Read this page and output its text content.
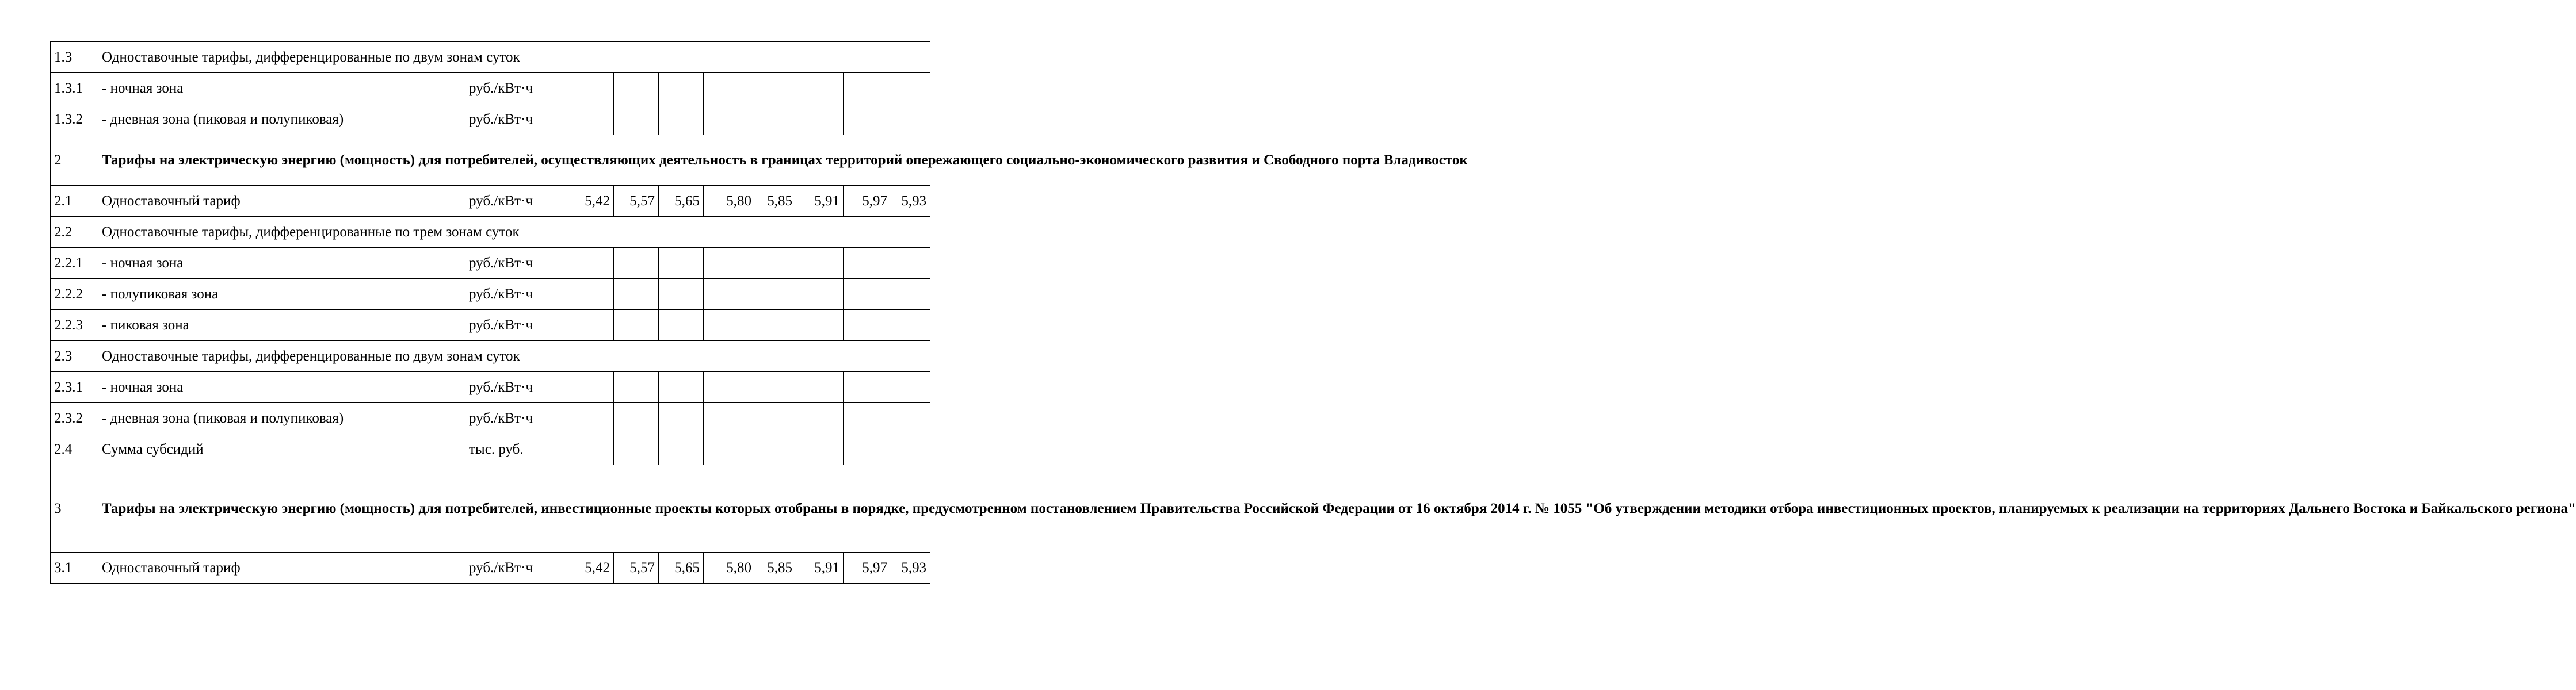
1.3	Одноставочные тарифы, дифференцированные по двум зонам суток									
1.3.1	- ночная зона	руб./кВт·ч								
1.3.2	- дневная зона (пиковая и полупиковая)	руб./кВт·ч								
2	Тарифы на электрическую энергию (мощность) для потребителей, осуществляющих деятельность в границах территорий опережающего социально-экономического развития и Свободного порта Владивосток									
2.1	Одноставочный тариф	руб./кВт·ч	5,42	5,57	5,65	5,80	5,85	5,91	5,97	5,93
2.2	Одноставочные тарифы, дифференцированные по трем зонам суток									
2.2.1	- ночная зона	руб./кВт·ч								
2.2.2	- полупиковая зона	руб./кВт·ч								
2.2.3	- пиковая зона	руб./кВт·ч								
2.3	Одноставочные тарифы, дифференцированные по двум зонам суток									
2.3.1	- ночная зона	руб./кВт·ч								
2.3.2	- дневная зона (пиковая и полупиковая)	руб./кВт·ч								
2.4	Сумма субсидий	тыс. руб.								
3	Тарифы на электрическую энергию (мощность) для потребителей, инвестиционные проекты которых отобраны в порядке, предусмотренном постановлением Правительства Российской Федерации от 16 октября 2014 г. № 1055 "Об утверждении методики отбора инвестиционных проектов, планируемых к реализации на территориях Дальнего Востока и Байкальского региона"									
3.1	Одноставочный тариф	руб./кВт·ч	5,42	5,57	5,65	5,80	5,85	5,91	5,97	5,93
